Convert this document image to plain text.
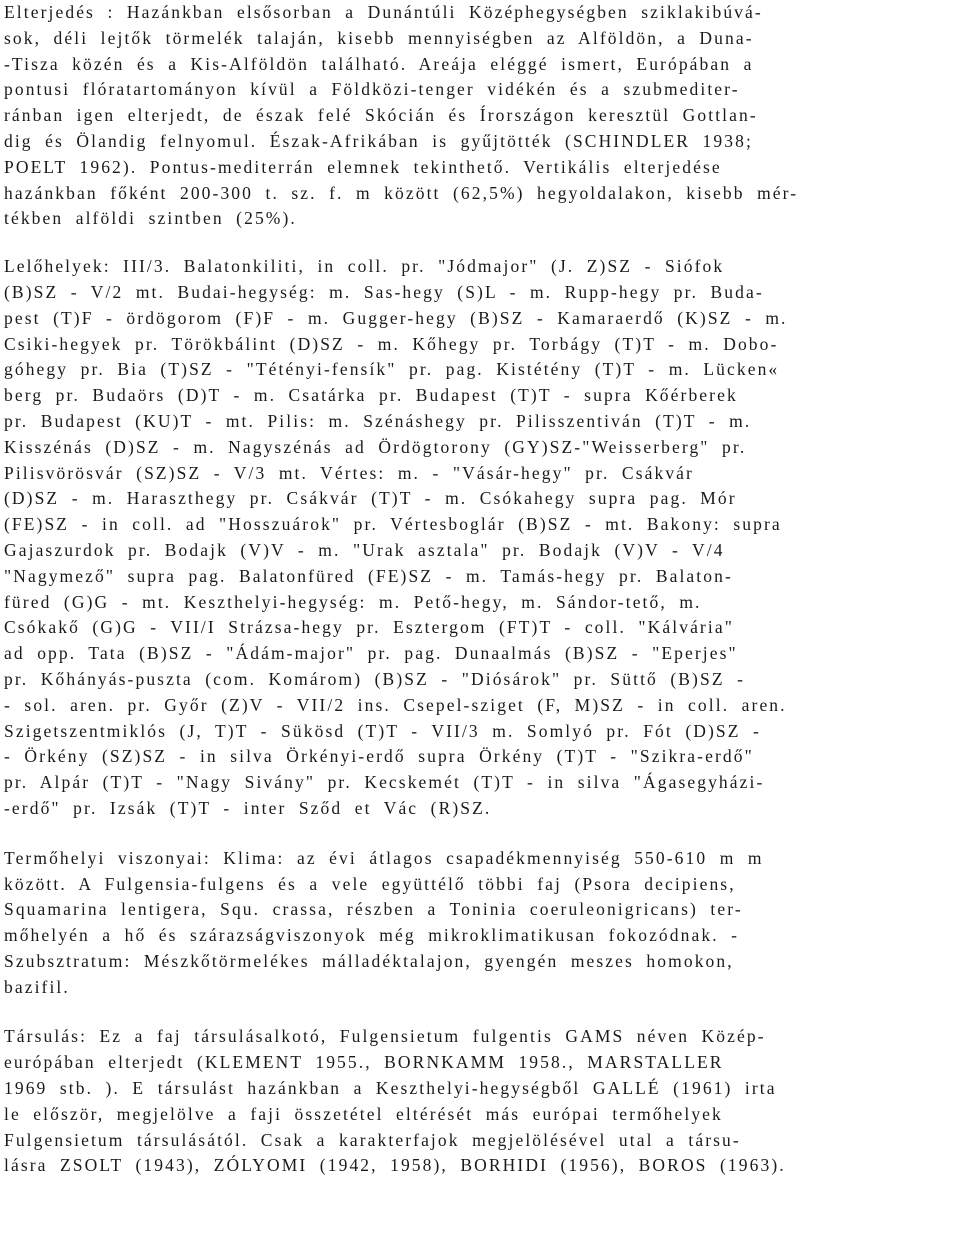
Elterjedés : Hazánkban elsősorban a Dunántúli Középhegységben sziklakibúvá-
sok, déli lejtők törmelék talaján, kisebb mennyiségben az Alföldön, a Duna-
-Tisza közén és a Kis-Alföldön található. Areája eléggé ismert, Európában a
pontusi flóratartományon kívül a Földközi-tenger vidékén és a szubmediter-
ránban igen elterjedt, de észak felé Skócián és Írországon keresztül Gottlan-
dig és Ölandig felnyomul. Észak-Afrikában is gyűjtötték (SCHINDLER 1938;
POELT 1962). Pontus-mediterrán elemnek tekinthető. Vertikális elterjedése
hazánkban főként 200-300 t. sz. f. m között (62,5%) hegyoldalakon, kisebb mér-
tékben alföldi szintben (25%).
Lelőhelyek: III/3. Balatonkiliti, in coll. pr. "Jódmajor" (J. Z)SZ - Siófok
(B)SZ - V/2 mt. Budai-hegység: m. Sas-hegy (S)L - m. Rupp-hegy pr. Buda-
pest (T)F - ördögorom (F)F - m. Gugger-hegy (B)SZ - Kamaraerdő (K)SZ - m.
Csiki-hegyek pr. Törökbálint (D)SZ - m. Kőhegy pr. Torbágy (T)T - m. Dobo-
góhegy pr. Bia (T)SZ - "Tétényi-fensík" pr. pag. Kistétény (T)T - m. Lücken«
berg pr. Budaörs (D)T - m. Csatárka pr. Budapest (T)T - supra Kőérberek
pr. Budapest (KU)T - mt. Pilis: m. Szénáshegy pr. Pilisszentiván (T)T - m.
Kisszénás (D)SZ - m. Nagyszénás ad Ördögtorony (GY)SZ-"Weisserberg" pr.
Pilisvörösvár (SZ)SZ - V/3 mt. Vértes: m. - "Vásár-hegy" pr. Csákvár
(D)SZ - m. Haraszthegy pr. Csákvár (T)T - m. Csókahegy supra pag. Mór
(FE)SZ - in coll. ad "Hosszuárok" pr. Vértesboglár (B)SZ - mt. Bakony: supra
Gajaszurdok pr. Bodajk (V)V - m. "Urak asztala" pr. Bodajk (V)V - V/4
"Nagymező" supra pag. Balatonfüred (FE)SZ - m. Tamás-hegy pr. Balaton-
füred (G)G - mt. Keszthelyi-hegység: m. Pető-hegy, m. Sándor-tető, m.
Csókakő (G)G - VII/I Strázsa-hegy pr. Esztergom (FT)T - coll. "Kálvária"
ad opp. Tata (B)SZ - "Ádám-major" pr. pag. Dunaalmás (B)SZ - "Eperjes"
pr. Kőhányás-puszta (com. Komárom) (B)SZ - "Diósárok" pr. Süttő (B)SZ -
- sol. aren. pr. Győr (Z)V - VII/2 ins. Csepel-sziget (F, M)SZ - in coll. aren.
Szigetszentmiklós (J, T)T - Sükösd (T)T - VII/3 m. Somlyó pr. Fót (D)SZ -
- Örkény (SZ)SZ - in silva Örkényi-erdő supra Örkény (T)T - "Szikra-erdő"
pr. Alpár (T)T - "Nagy Sivány" pr. Kecskemét (T)T - in silva "Ágasegyházi-
-erdő" pr. Izsák (T)T - inter Sződ et Vác (R)SZ.
Termőhelyi viszonyai: Klima: az évi átlagos csapadékmennyiség 550-610 m m
között. A Fulgensia-fulgens és a vele együttélő többi faj (Psora decipiens,
Squamarina lentigera, Squ. crassa, részben a Toninia coeruleonigricans) ter-
mőhelyén a hő és szárazságviszonyok még mikroklimatikusan fokozódnak. -
Szubsztratum: Mészkőtörmelékes málladéktalajon, gyengén meszes homokon,
bazifil.
Társulás: Ez a faj társulásalkotó, Fulgensietum fulgentis GAMS néven Közép-
európában elterjedt (KLEMENT 1955., BORNKAMM 1958., MARSTALLER
1969 stb. ). E társulást hazánkban a Keszthelyi-hegységből GALLÉ (1961) irta
le először, megjelölve a faji összetétel eltérését más európai termőhelyek
Fulgensietum társulásától. Csak a karakterfajok megjelölésével utal a társu-
lásra ZSOLT (1943), ZÓLYOMI (1942, 1958), BORHIDI (1956), BOROS (1963).
